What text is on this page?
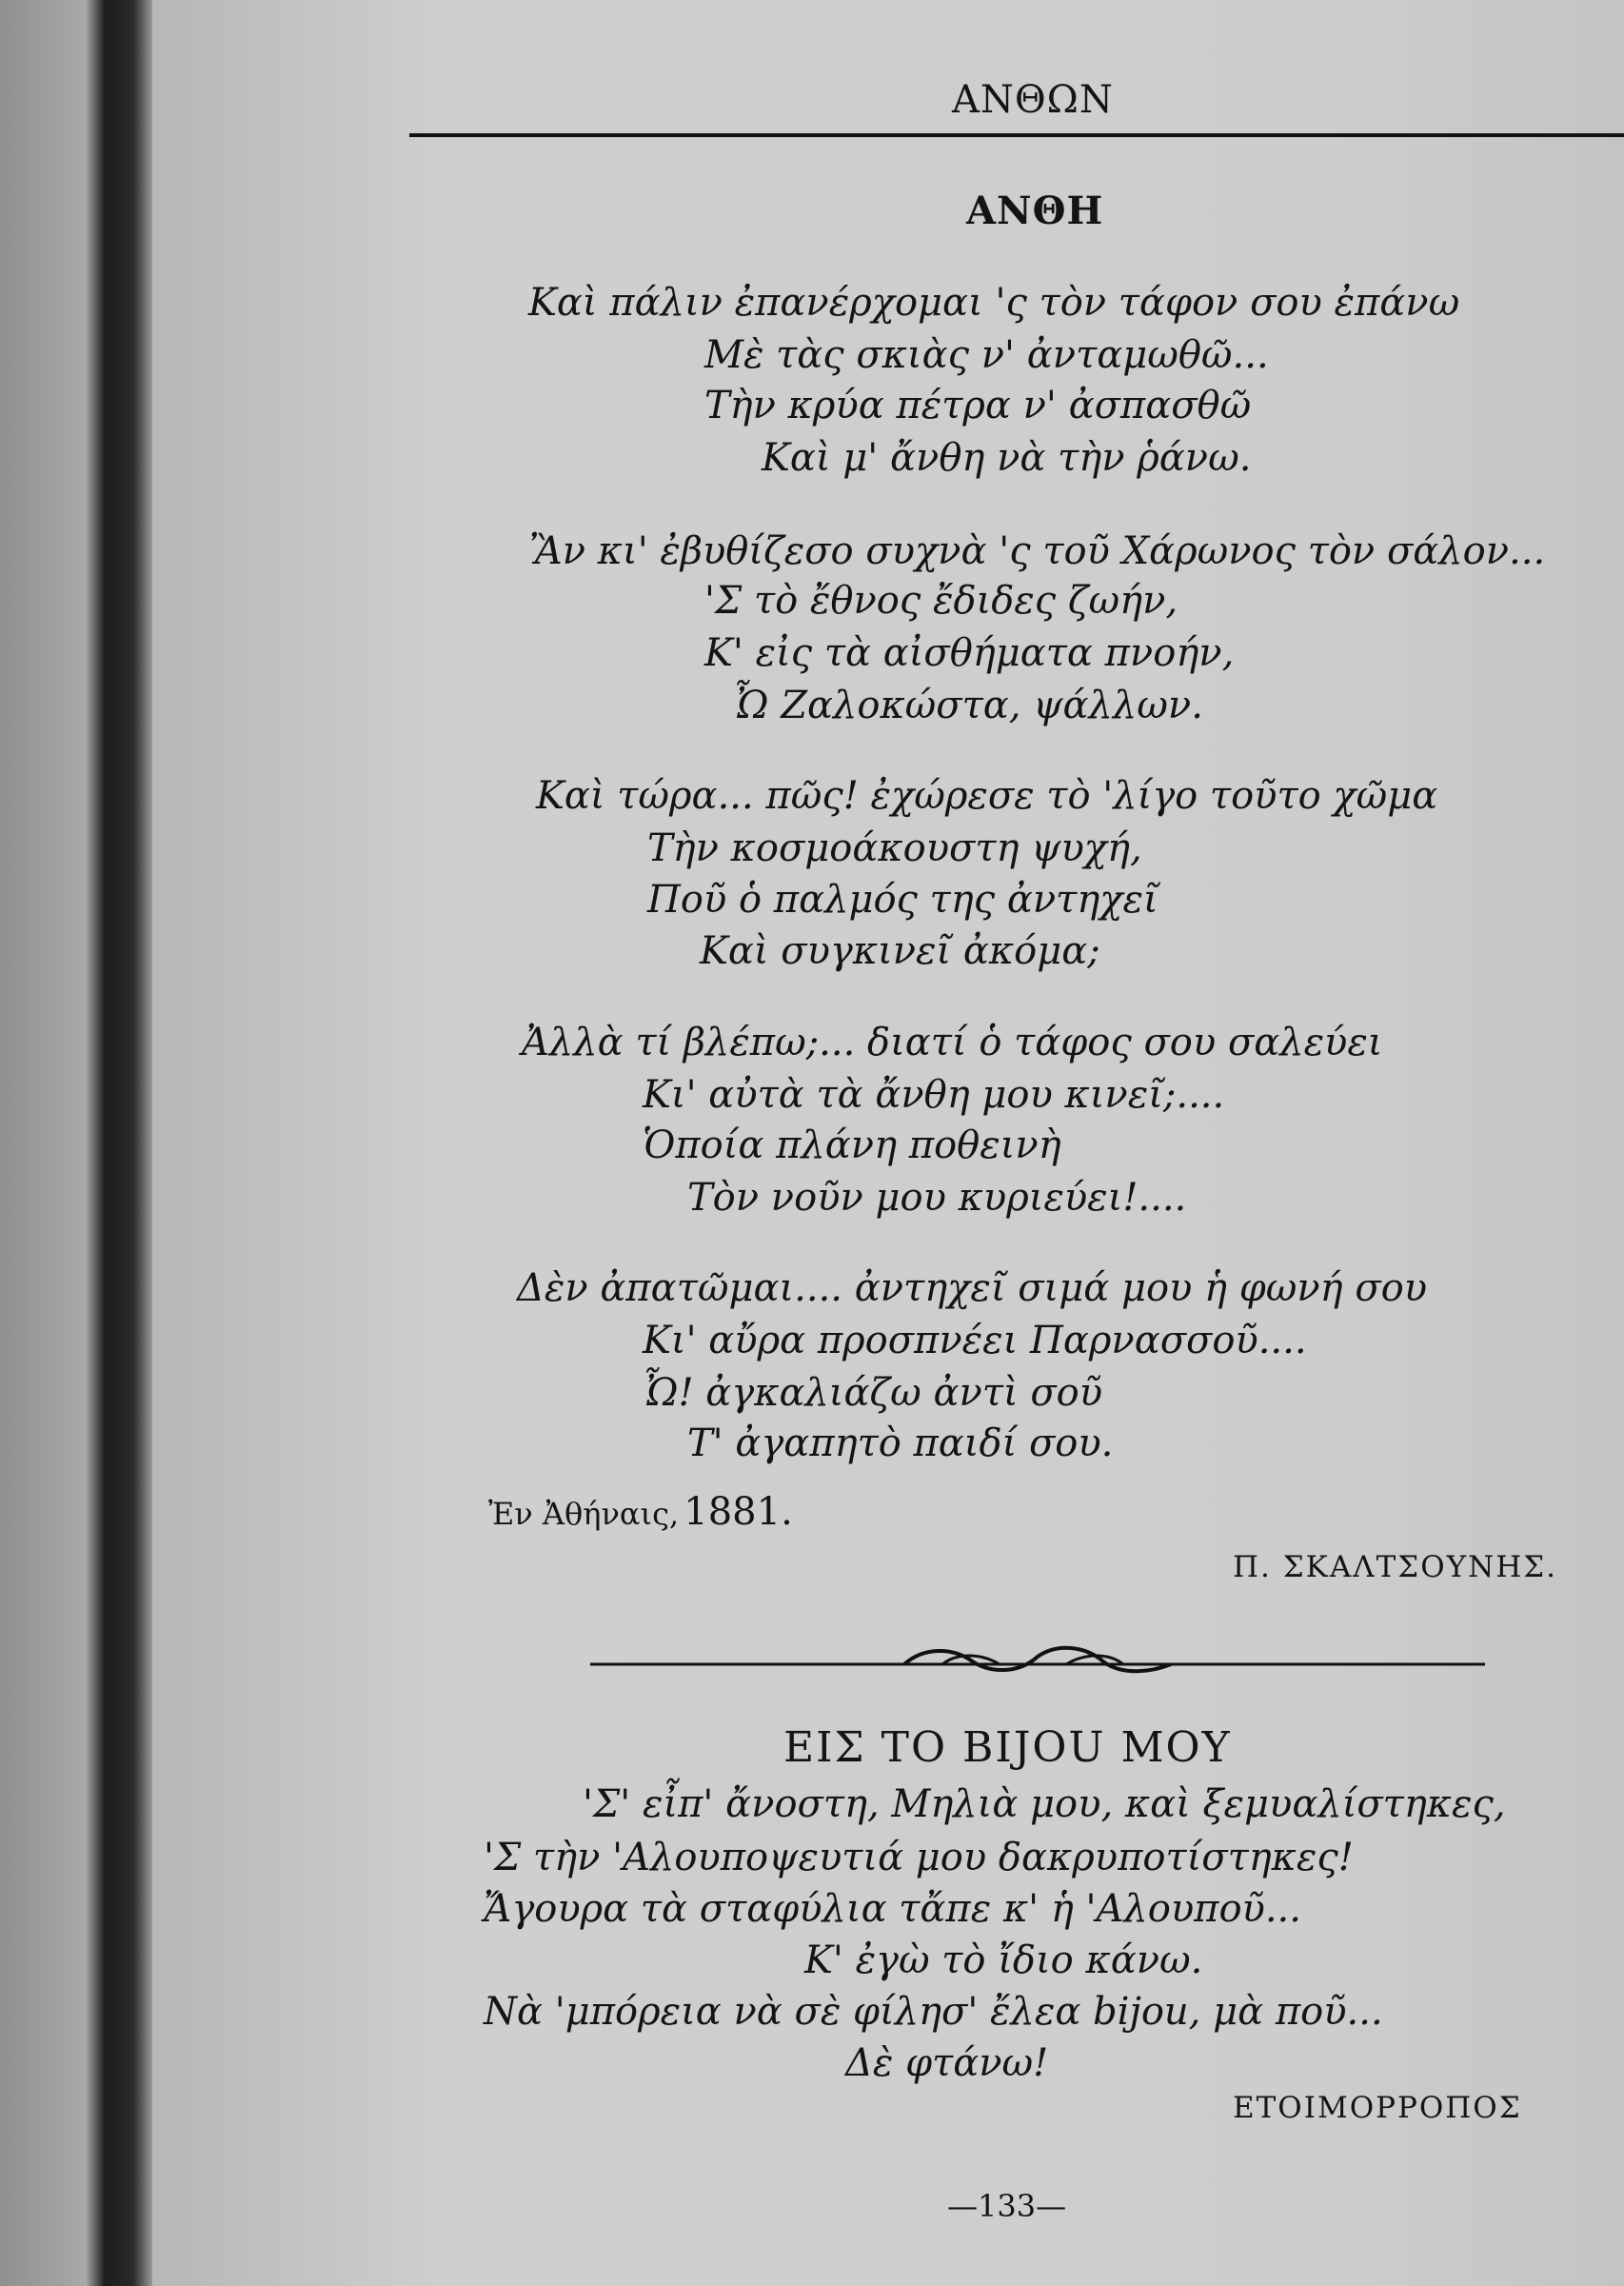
ΑΝΘΩΝ
ΑΝΘΗ
Καὶ πάλιν ἐπανέρχομαι 'ς τὸν τάφον σου ἐπάνω
Μὲ τὰς σκιὰς ν' ἀνταμωθῶ...
Τὴν κρύα πέτρα ν' ἀσπασθῶ
Καὶ μ' ἄνθη νὰ τὴν ῥάνω.
Ἂν κι' ἐβυθίζεσο συχνὰ 'ς τοῦ Χάρωνος τὸν σάλον...
'Σ τὸ ἔθνος ἔδιδες ζωήν,
Κ' εἰς τὰ αἰσθήματα πνοήν,
Ὦ Ζαλοκώστα, ψάλλων.
Καὶ τώρα... πῶς! ἐχώρεσε τὸ 'λίγο τοῦτο χῶμα
Τὴν κοσμοάκουστη ψυχή,
Ποῦ ὁ παλμός της ἀντηχεῖ
Καὶ συγκινεῖ ἀκόμα;
Ἀλλὰ τί βλέπω;... διατί ὁ τάφος σου σαλεύει
Κι' αὐτὰ τὰ ἄνθη μου κινεῖ;....
Ὁποία πλάνη ποθεινὴ
Τὸν νοῦν μου κυριεύει!....
Δὲν ἀπατῶμαι.... ἀντηχεῖ σιμά μου ἡ φωνή σου
Κι' αὔρα προσπνέει Παρνασσοῦ....
Ὦ! ἀγκαλιάζω ἀντὶ σοῦ
Τ' ἀγαπητὸ παιδί σου.
Ἐν Ἀθήναις, 1881.
Π. ΣΚΑΛΤΣΟΥΝΗΣ.
ΕΙΣ ΤΟ BIJOU ΜΟΥ
'Σ' εἶπ' ἄνοστη, Μηλιὰ μου, καὶ ξεμυαλίστηκες,
'Σ τὴν 'Αλουποψευτιά μου δακρυποτίστηκες!
Ἄγουρα τὰ σταφύλια τἄπε κ' ἡ 'Αλουποῦ...
Κ' ἐγὼ τὸ ἴδιο κάνω.
Νὰ 'μπόρεια νὰ σὲ φίλησ' ἔλεα bijou, μὰ ποῦ...
Δὲ φτάνω!
ΕΤΟΙΜΟΡΡΟΠΟΣ
—133—
